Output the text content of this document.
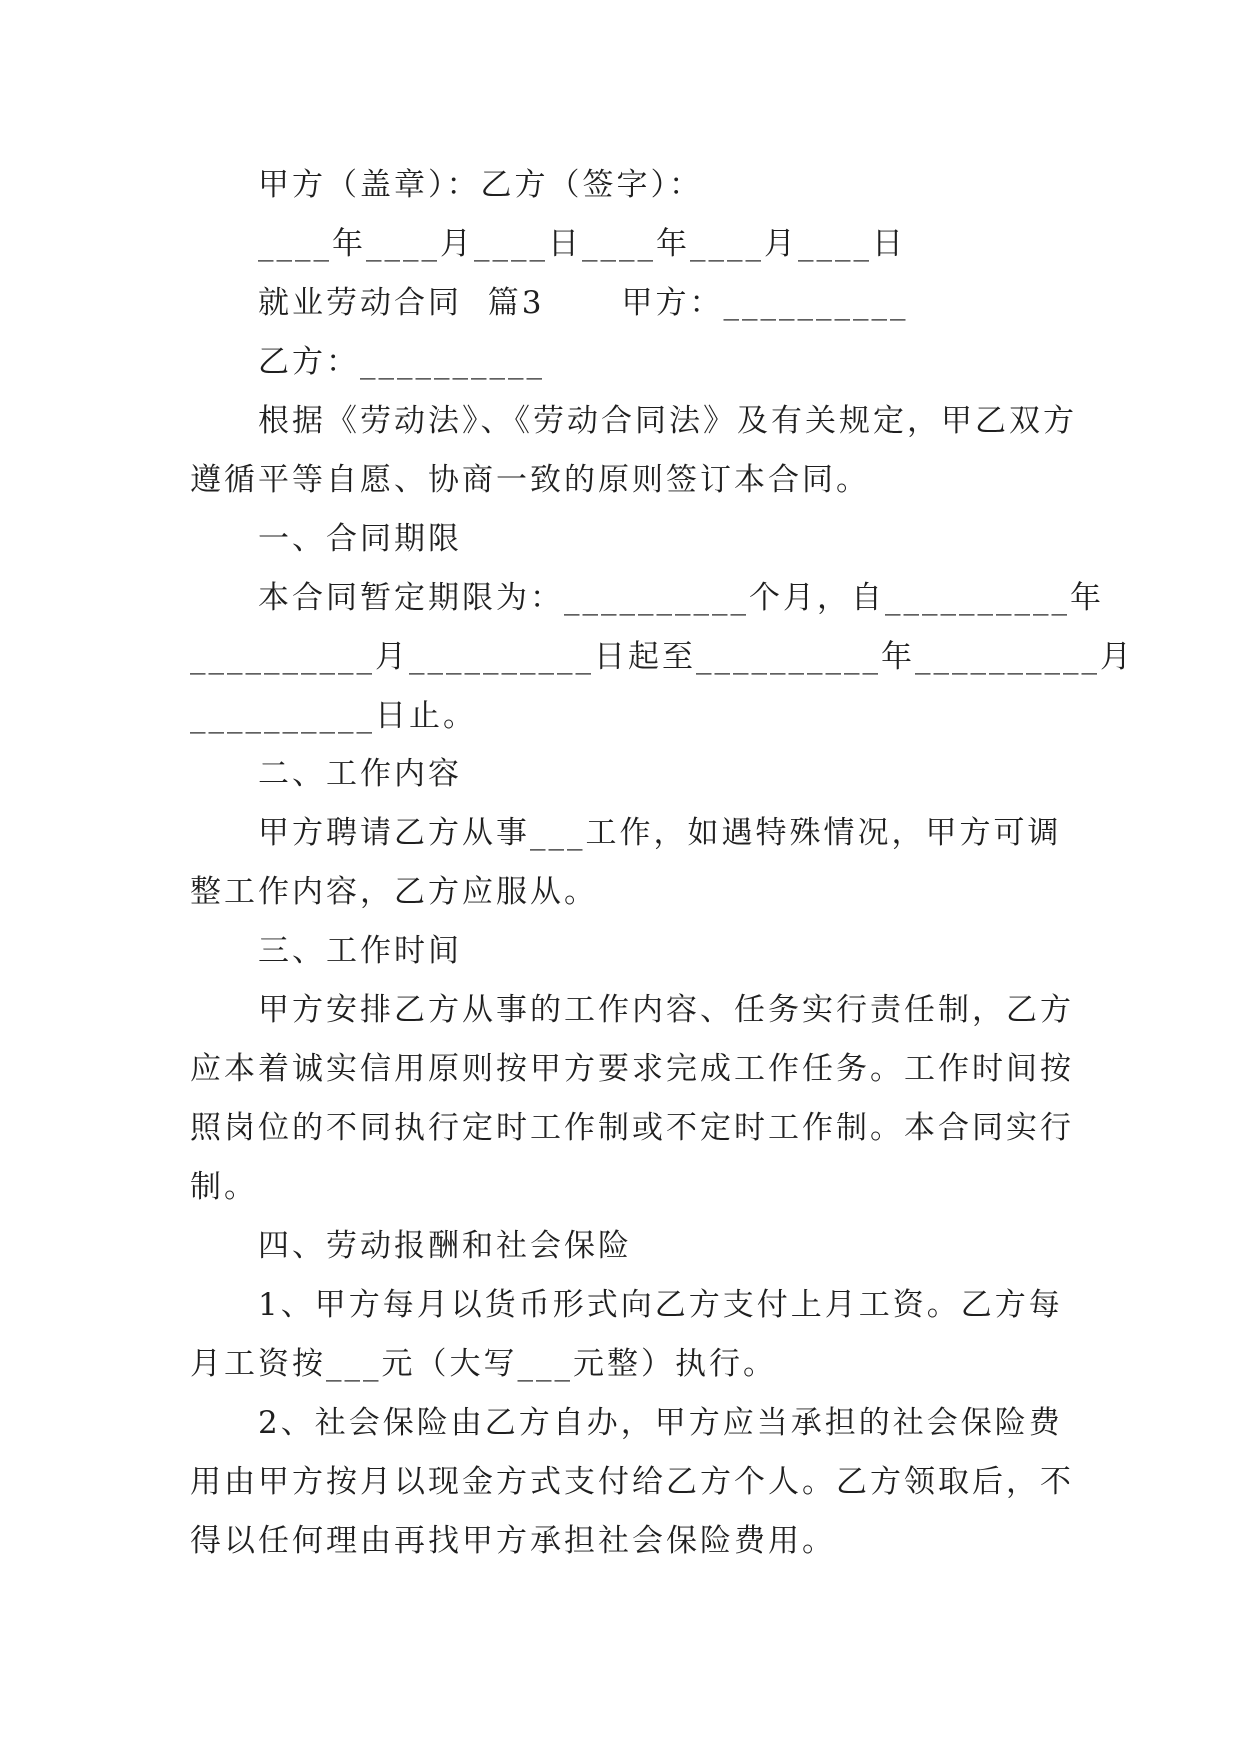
甲方（盖章）：乙方（签字）：
____年____月____日____年____月____日
就业劳动合同  篇3      甲方：__________
乙方：__________
根据《劳动法》、《劳动合同法》及有关规定，甲乙双方
遵循平等自愿、协商一致的原则签订本合同。
一、合同期限
本合同暂定期限为：__________个月，自__________年
__________月__________日起至__________年__________月
__________日止。
二、工作内容
甲方聘请乙方从事___工作，如遇特殊情况，甲方可调
整工作内容，乙方应服从。
三、工作时间
甲方安排乙方从事的工作内容、任务实行责任制，乙方
应本着诚实信用原则按甲方要求完成工作任务。工作时间按
照岗位的不同执行定时工作制或不定时工作制。本合同实行
制。
四、劳动报酬和社会保险
1、甲方每月以货币形式向乙方支付上月工资。乙方每
月工资按___元（大写___元整）执行。
2、社会保险由乙方自办，甲方应当承担的社会保险费
用由甲方按月以现金方式支付给乙方个人。乙方领取后，不
得以任何理由再找甲方承担社会保险费用。
